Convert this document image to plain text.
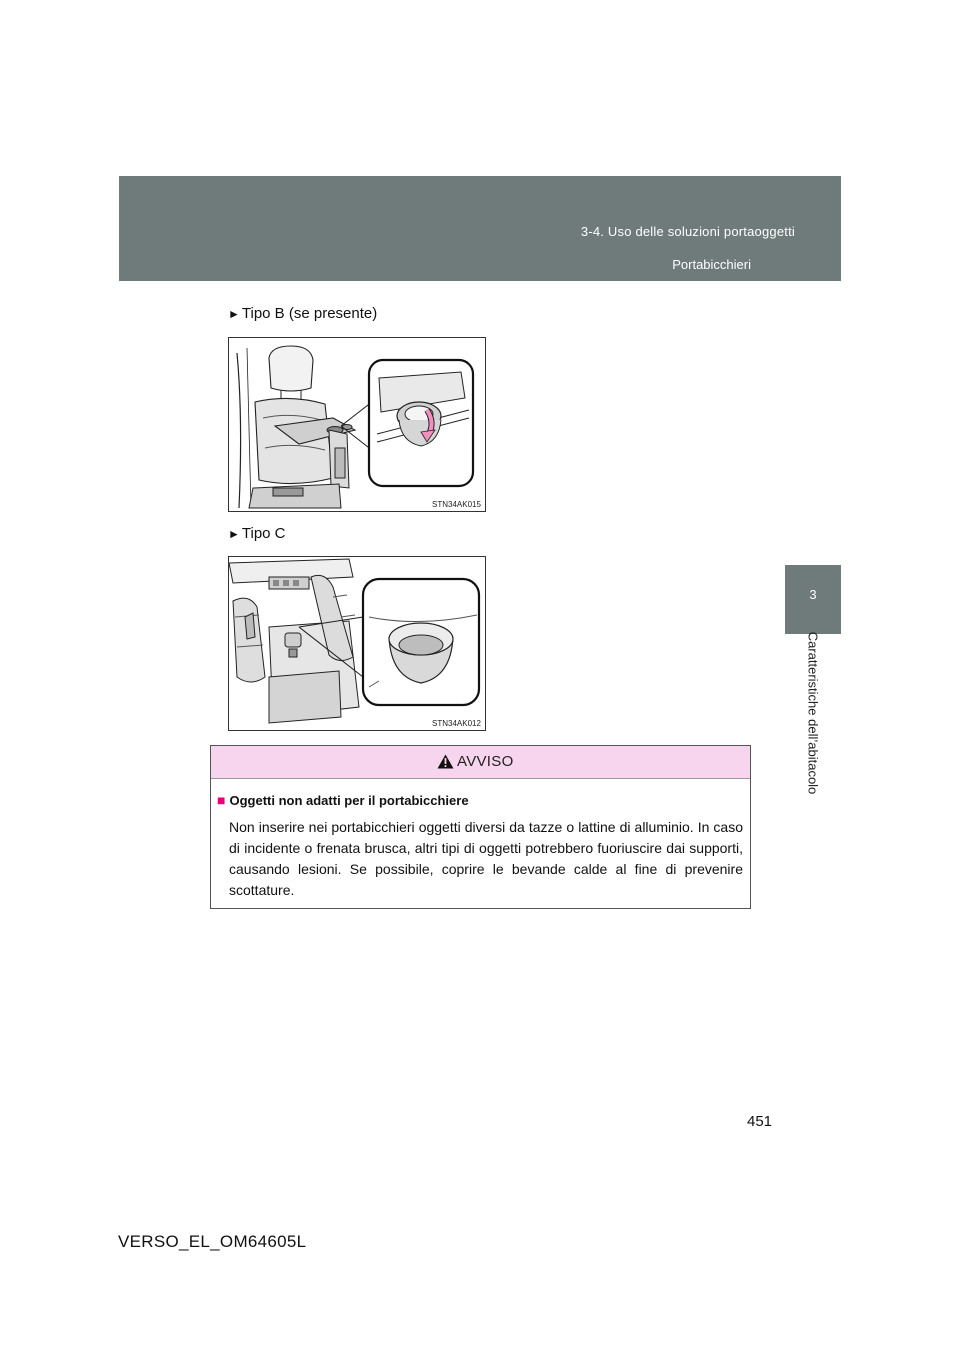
3-4. Uso delle soluzioni portaoggetti
Portabicchieri
3
Caratteristiche dell’abitacolo
► Tipo B (se presente)
STN34AK015
► Tipo C
STN34AK012
AVVISO
■ Oggetti non adatti per il portabicchiere
Non inserire nei portabicchieri oggetti diversi da tazze o lattine di alluminio. In caso di incidente o frenata brusca, altri tipi di oggetti potrebbero fuoriuscire dai supporti, causando lesioni. Se possibile, coprire le bevande calde al fine di prevenire scottature.
451
VERSO_EL_OM64605L
